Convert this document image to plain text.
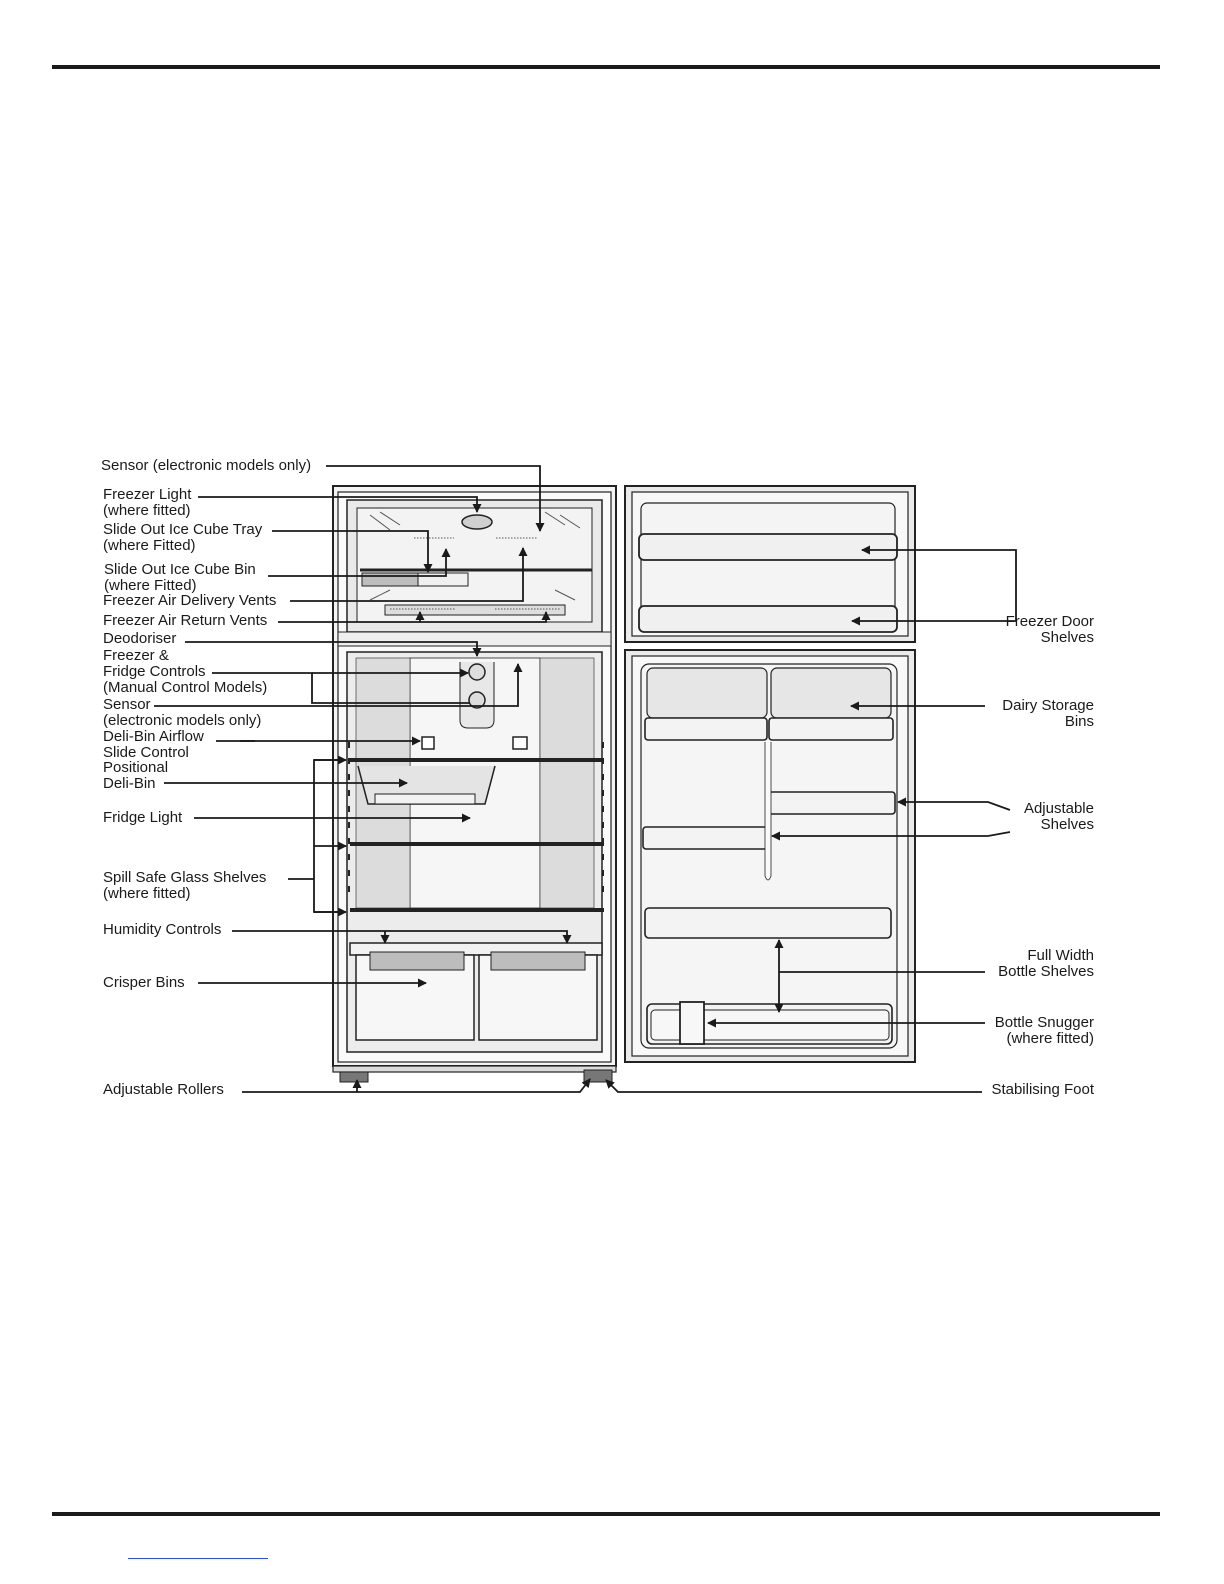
Sensor (electronic models only)
Freezer Light
(where fitted)
Slide Out Ice Cube Tray
(where Fitted)
Slide Out Ice Cube Bin
(where Fitted)
Freezer Air Delivery Vents
Freezer Air Return Vents
Deodoriser
Freezer &
Fridge Controls
(Manual Control Models)
Sensor
(electronic models only)
Deli-Bin Airflow
Slide Control
Positional
Deli-Bin
Fridge Light
Spill Safe Glass Shelves
(where fitted)
Humidity Controls
Crisper Bins
Adjustable Rollers
Freezer Door
Shelves
Dairy Storage
Bins
Adjustable
Shelves
Full Width
Bottle Shelves
Bottle Snugger
(where fitted)
Stabilising Foot
